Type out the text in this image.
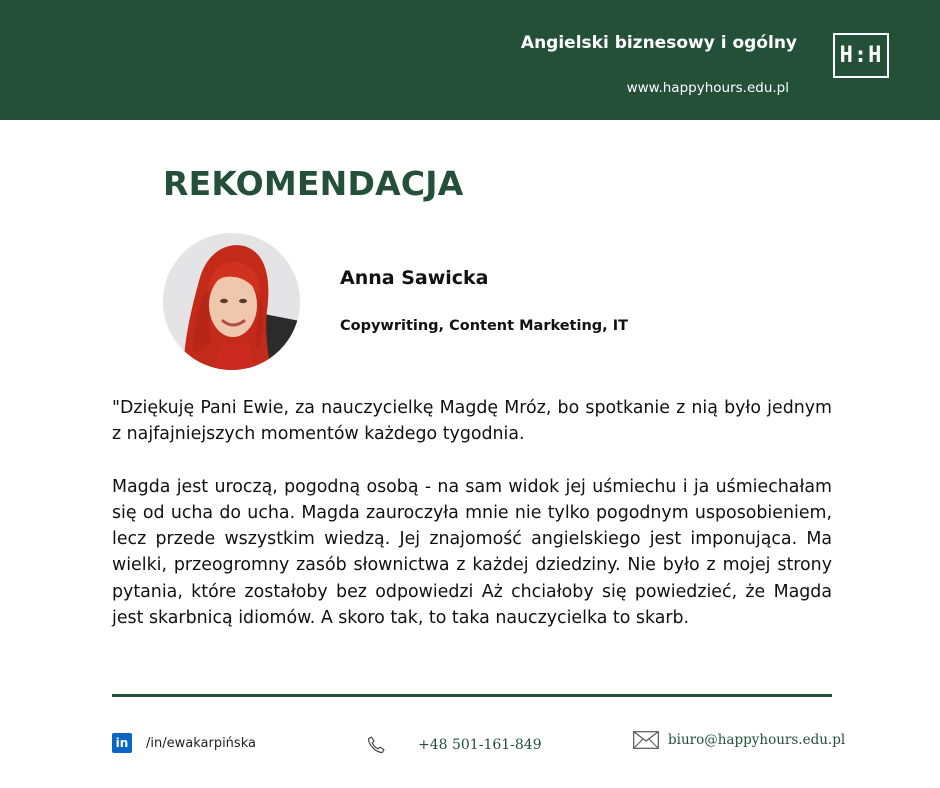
Angielski biznesowy i ogólny
www.happyhours.edu.pl
H:H
REKOMENDACJA
Anna Sawicka
Copywriting, Content Marketing, IT

"Dziękuję Pani Ewie, za nauczycielkę Magdę Mróz, bo spotkanie z nią było jednym z najfajniejszych momentów każdego tygodnia.

Magda jest uroczą, pogodną osobą - na sam widok jej uśmiechu i ja uśmiechałam się od ucha do ucha. Magda zauroczyła mnie nie tylko pogodnym usposobieniem, lecz przede wszystkim wiedzą. Jej znajomość angielskiego jest imponująca. Ma wielki, przeogromny zasób słownictwa z każdej dziedziny. Nie było z mojej strony pytania, które zostałoby bez odpowiedzi Aż chciałoby się powiedzieć, że Magda jest skarbnicą idiomów. A skoro tak, to taka nauczycielka to skarb.

in /in/ewakarpińska	+48 501-161-849	biuro@happyhours.edu.pl
